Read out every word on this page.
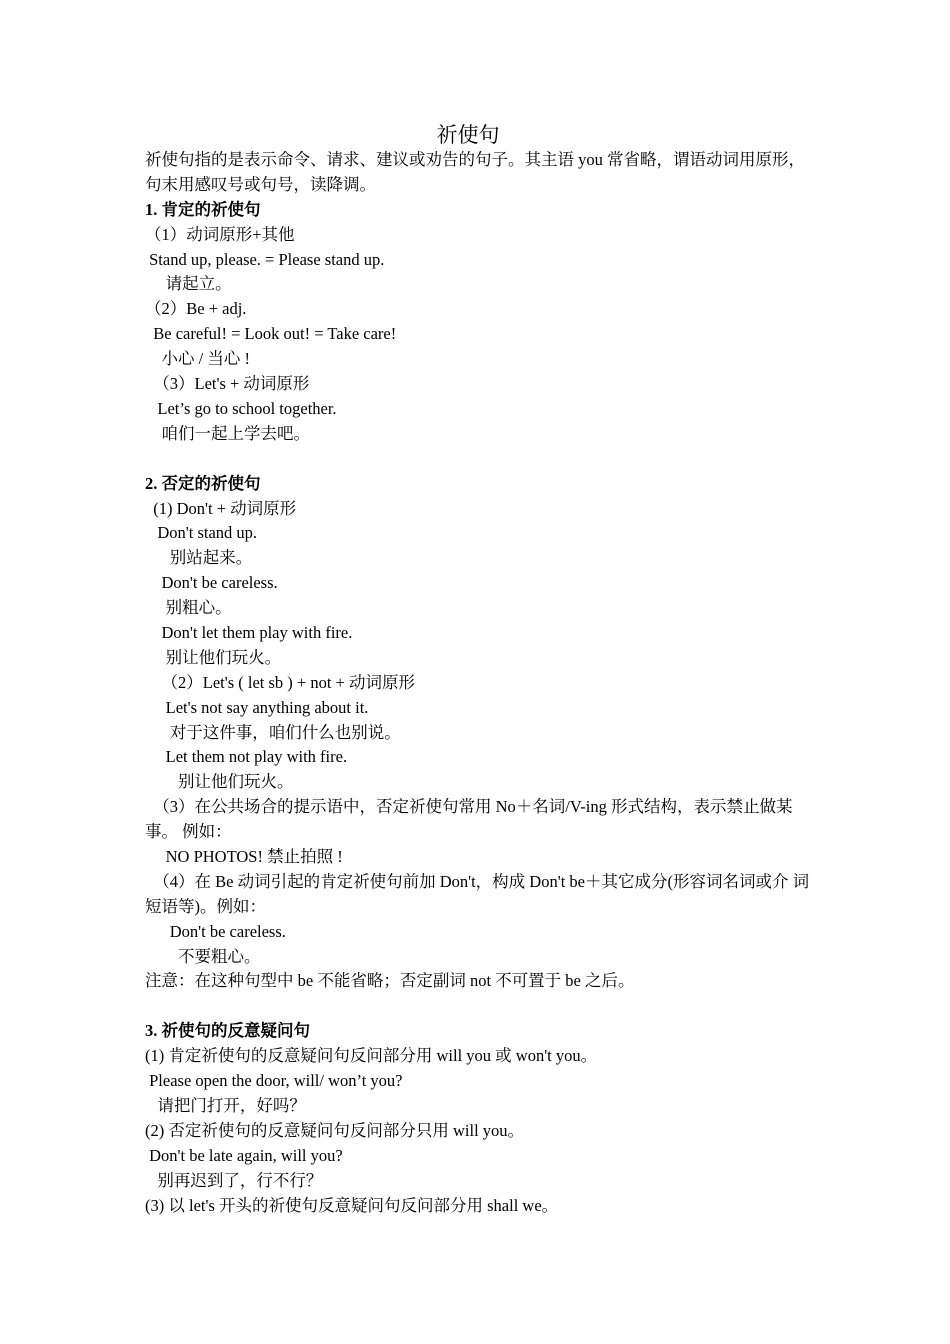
祈使句
祈使句指的是表示命令、请求、建议或劝告的句子。其主语 you 常省略，谓语动词用原形， 句末用感叹号或句号，读降调。
1. 肯定的祈使句
（1）动词原形+其他
Stand up, please. = Please stand up.
请起立。
（2）Be + adj.
Be careful! = Look out! = Take care!
小心 / 当心 !
（3）Let's + 动词原形
Let’s go to school together.
咱们一起上学去吧。
2. 否定的祈使句
(1) Don't + 动词原形
Don't stand up.
别站起来。
Don't be careless.
别粗心。
Don't let them play with fire.
别让他们玩火。
（2）Let's ( let sb ) + not + 动词原形
Let's not say anything about it.
对于这件事，咱们什么也别说。
Let them not play with fire.
别让他们玩火。
（3）在公共场合的提示语中，否定祈使句常用 No＋名词/V-ing 形式结构，表示禁止做某事。 例如：
NO PHOTOS! 禁止拍照 !
（4）在 Be 动词引起的肯定祈使句前加 Don't，构成 Don't be＋其它成分(形容词名词或介 词短语等)。例如：
Don't be careless.
不要粗心。
注意：在这种句型中 be 不能省略；否定副词 not 不可置于 be 之后。
3. 祈使句的反意疑问句
(1) 肯定祈使句的反意疑问句反问部分用 will you 或 won't you。
Please open the door, will/ won’t you?
请把门打开，好吗？
(2) 否定祈使句的反意疑问句反问部分只用 will you。
Don't be late again, will you?
别再迟到了，行不行？
(3) 以 let's 开头的祈使句反意疑问句反问部分用 shall we。
